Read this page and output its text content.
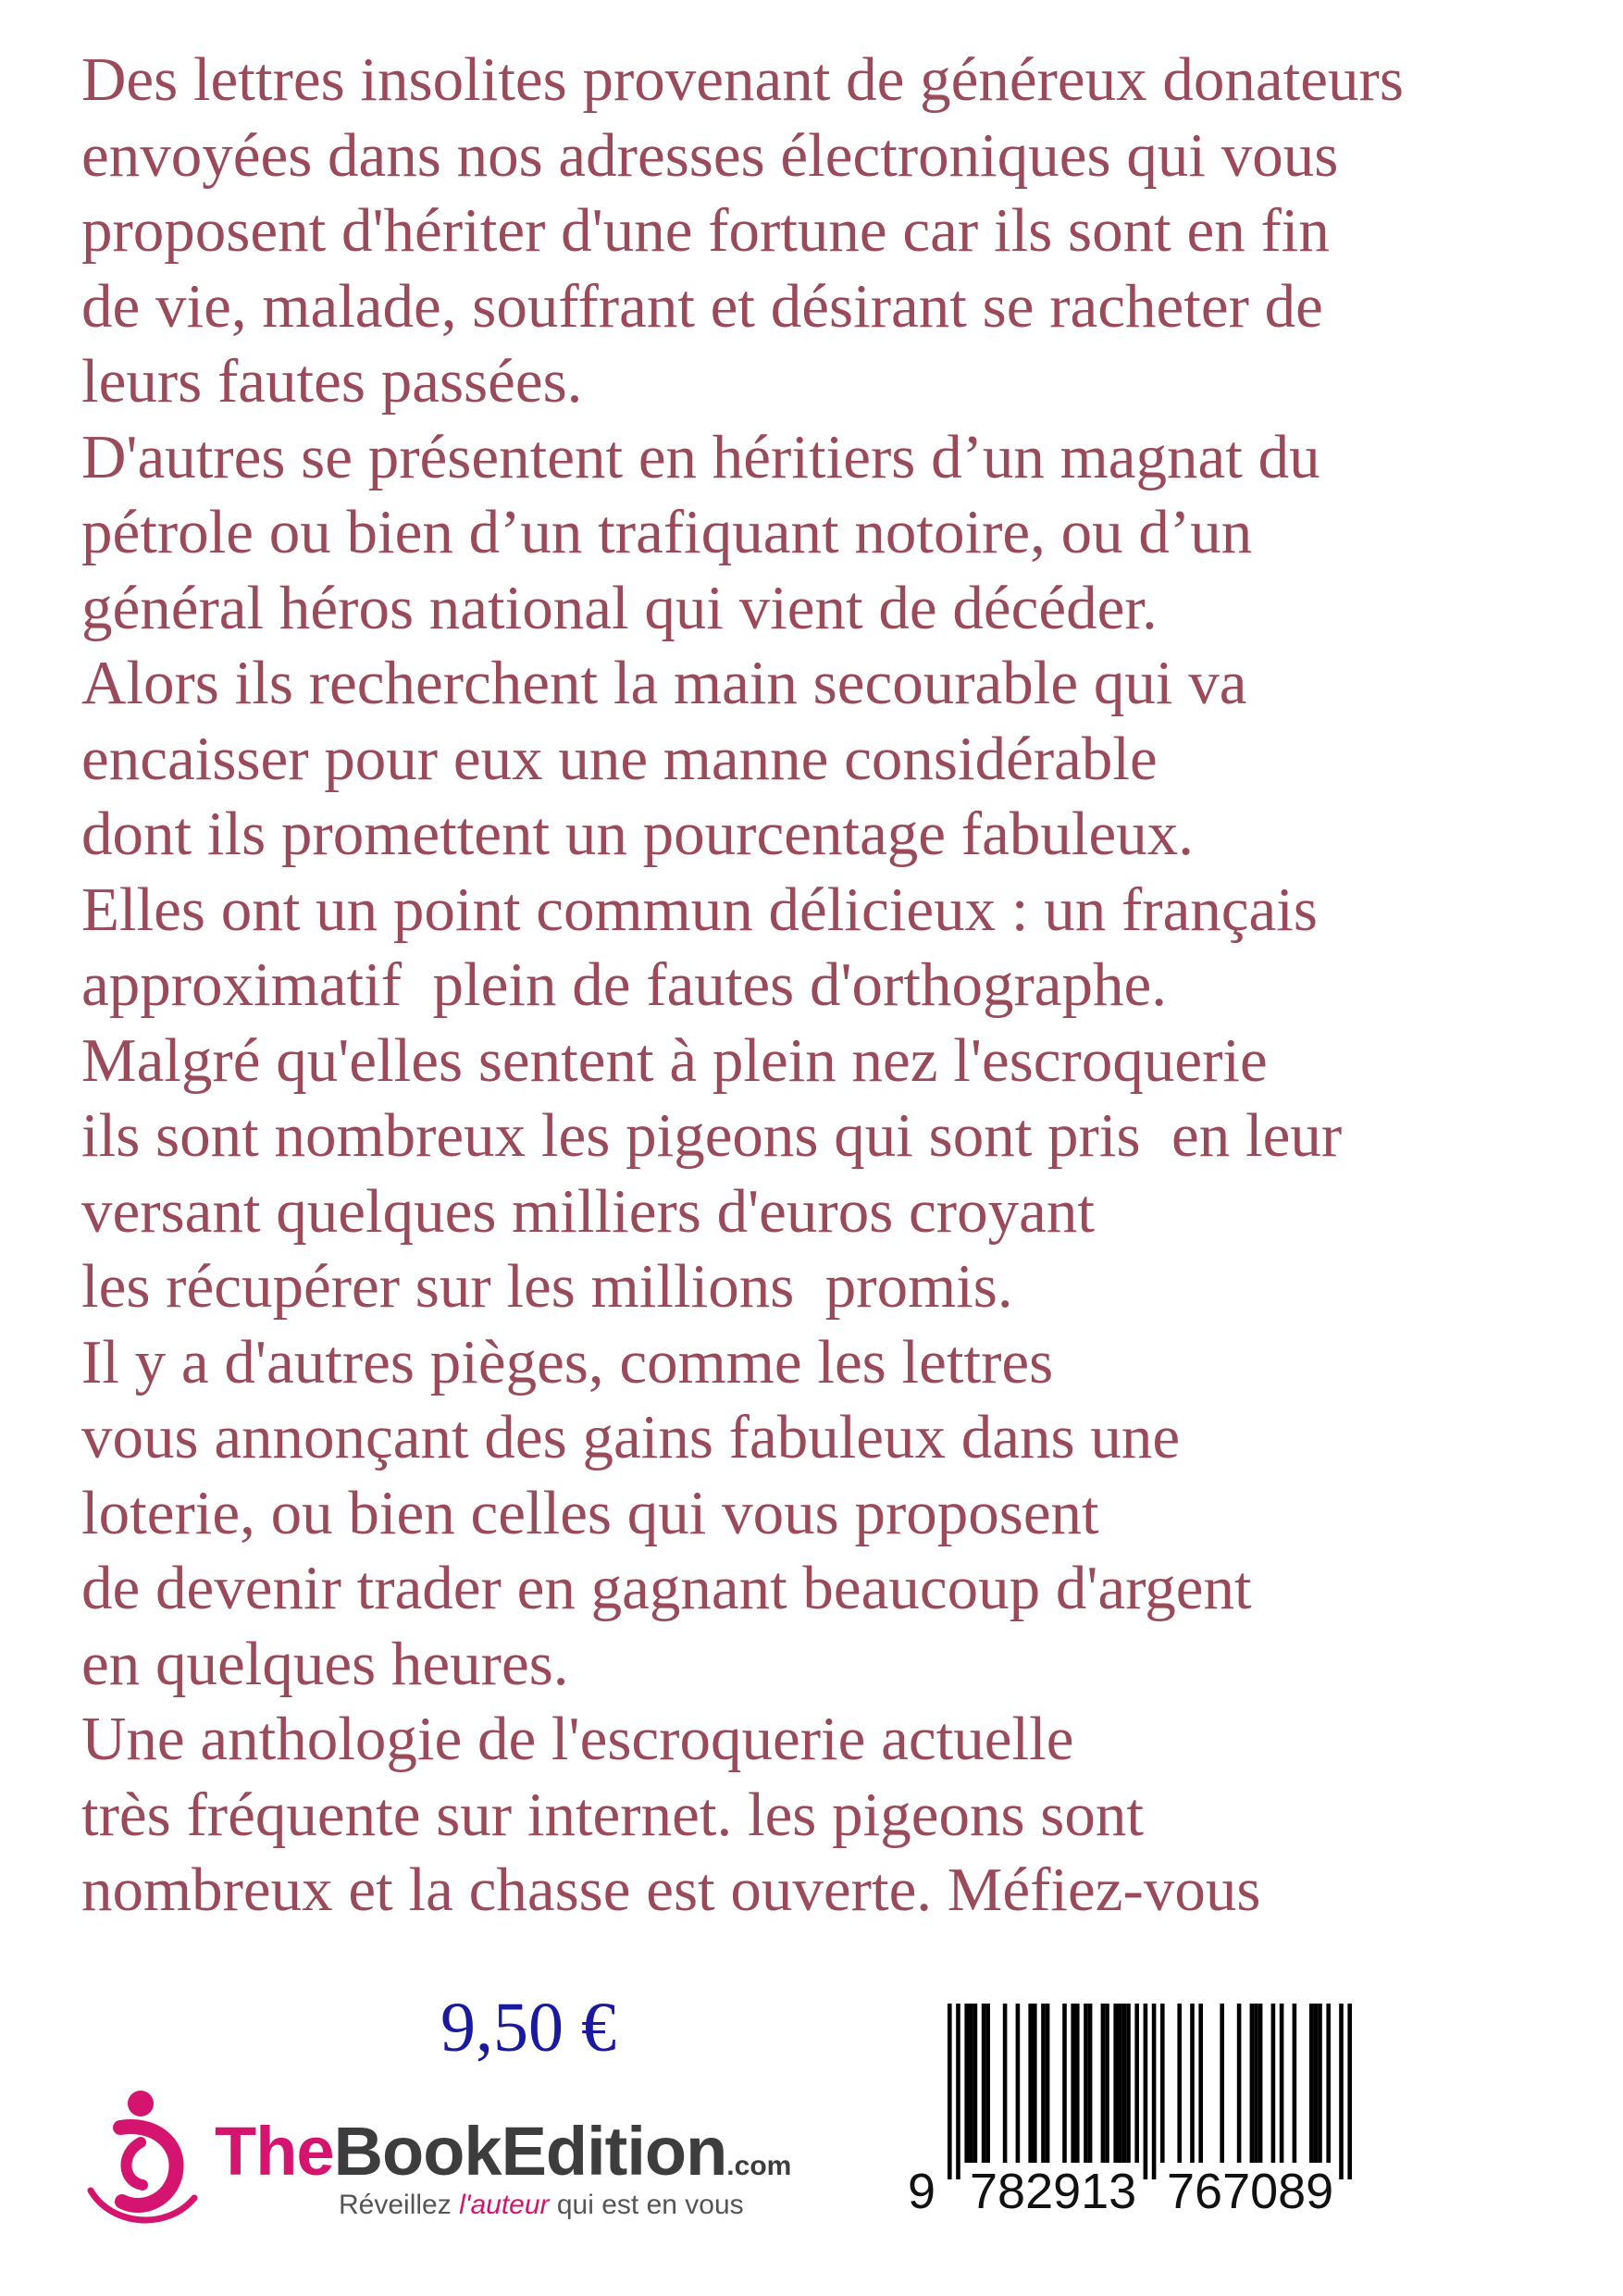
Des lettres insolites provenant de généreux donateurs
envoyées dans nos adresses électroniques qui vous
proposent d'hériter d'une fortune car ils sont en fin
de vie, malade, souffrant et désirant se racheter de
leurs fautes passées.
D'autres se présentent en héritiers d’un magnat du
pétrole ou bien d’un trafiquant notoire, ou d’un
général héros national qui vient de décéder.
Alors ils recherchent la main secourable qui va
encaisser pour eux une manne considérable
dont ils promettent un pourcentage fabuleux.
Elles ont un point commun délicieux : un français
approximatif  plein de fautes d'orthographe.
Malgré qu'elles sentent à plein nez l'escroquerie
ils sont nombreux les pigeons qui sont pris  en leur
versant quelques milliers d'euros croyant
les récupérer sur les millions  promis.
Il y a d'autres pièges, comme les lettres
vous annonçant des gains fabuleux dans une
loterie, ou bien celles qui vous proposent
de devenir trader en gagnant beaucoup d'argent
en quelques heures.
Une anthologie de l'escroquerie actuelle
très fréquente sur internet. les pigeons sont
nombreux et la chasse est ouverte. Méfiez-vous
9,50 €
TheBookEdition.com
Réveillez l'auteur qui est en vous	9 782913 767089
